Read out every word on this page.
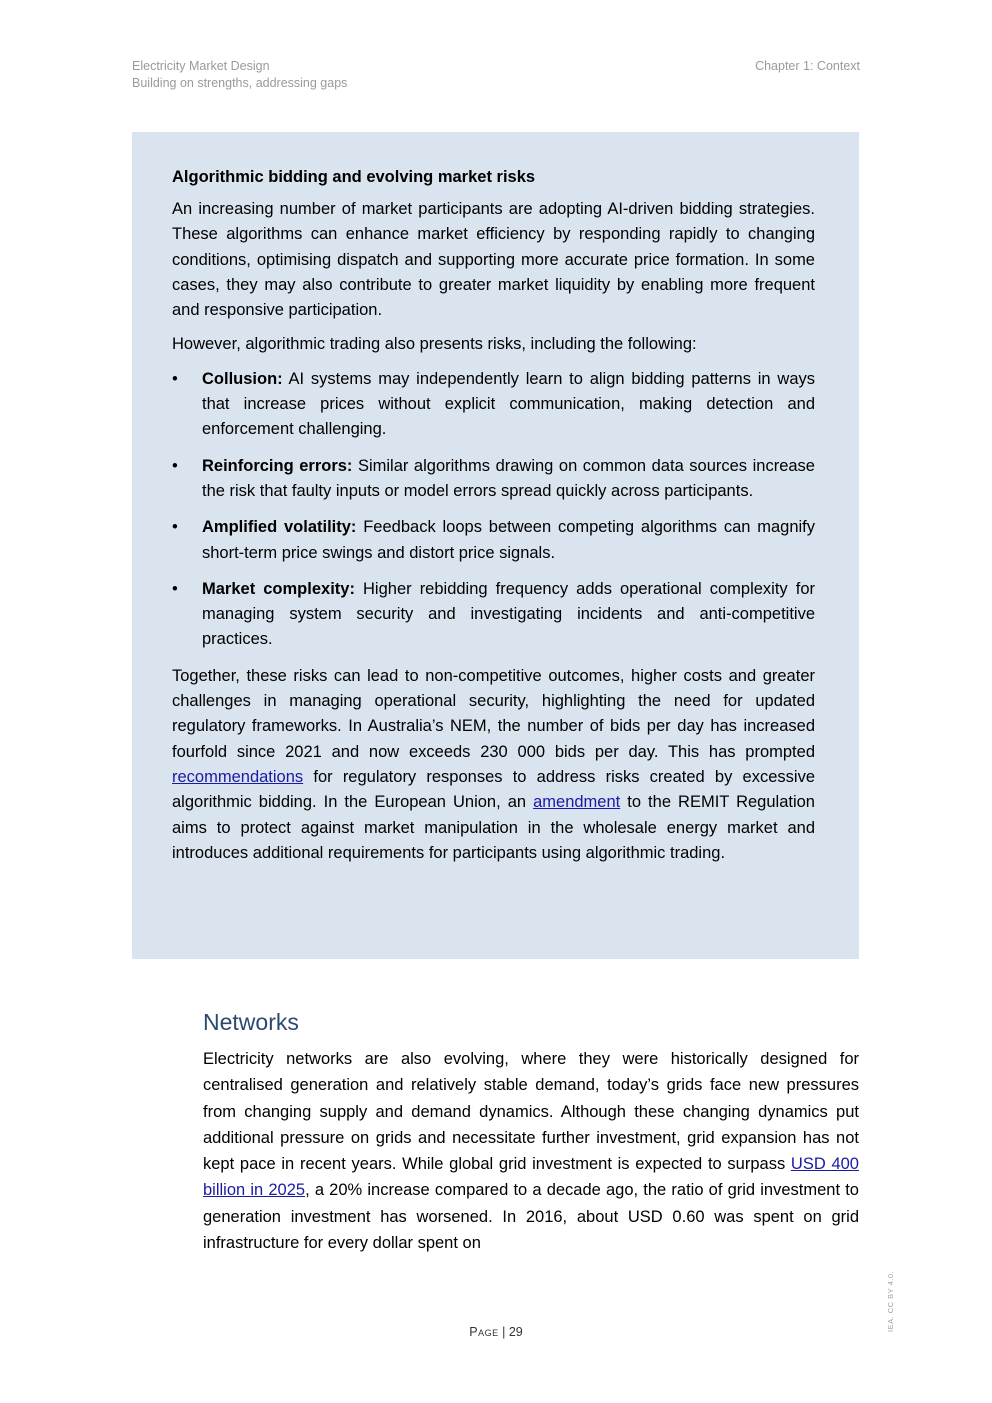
Electricity Market Design
Building on strengths, addressing gaps
Chapter 1: Context
Algorithmic bidding and evolving market risks

An increasing number of market participants are adopting AI-driven bidding strategies. These algorithms can enhance market efficiency by responding rapidly to changing conditions, optimising dispatch and supporting more accurate price formation. In some cases, they may also contribute to greater market liquidity by enabling more frequent and responsive participation.

However, algorithmic trading also presents risks, including the following:

• Collusion: AI systems may independently learn to align bidding patterns in ways that increase prices without explicit communication, making detection and enforcement challenging.
• Reinforcing errors: Similar algorithms drawing on common data sources increase the risk that faulty inputs or model errors spread quickly across participants.
• Amplified volatility: Feedback loops between competing algorithms can magnify short-term price swings and distort price signals.
• Market complexity: Higher rebidding frequency adds operational complexity for managing system security and investigating incidents and anti-competitive practices.

Together, these risks can lead to non-competitive outcomes, higher costs and greater challenges in managing operational security, highlighting the need for updated regulatory frameworks. In Australia’s NEM, the number of bids per day has increased fourfold since 2021 and now exceeds 230 000 bids per day. This has prompted recommendations for regulatory responses to address risks created by excessive algorithmic bidding. In the European Union, an amendment to the REMIT Regulation aims to protect against market manipulation in the wholesale energy market and introduces additional requirements for participants using algorithmic trading.

Networks

Electricity networks are also evolving, where they were historically designed for centralised generation and relatively stable demand, today’s grids face new pressures from changing supply and demand dynamics. Although these changing dynamics put additional pressure on grids and necessitate further investment, grid expansion has not kept pace in recent years. While global grid investment is expected to surpass USD 400 billion in 2025, a 20% increase compared to a decade ago, the ratio of grid investment to generation investment has worsened. In 2016, about USD 0.60 was spent on grid infrastructure for every dollar spent on

Page | 29	IEA. CC BY 4.0.
